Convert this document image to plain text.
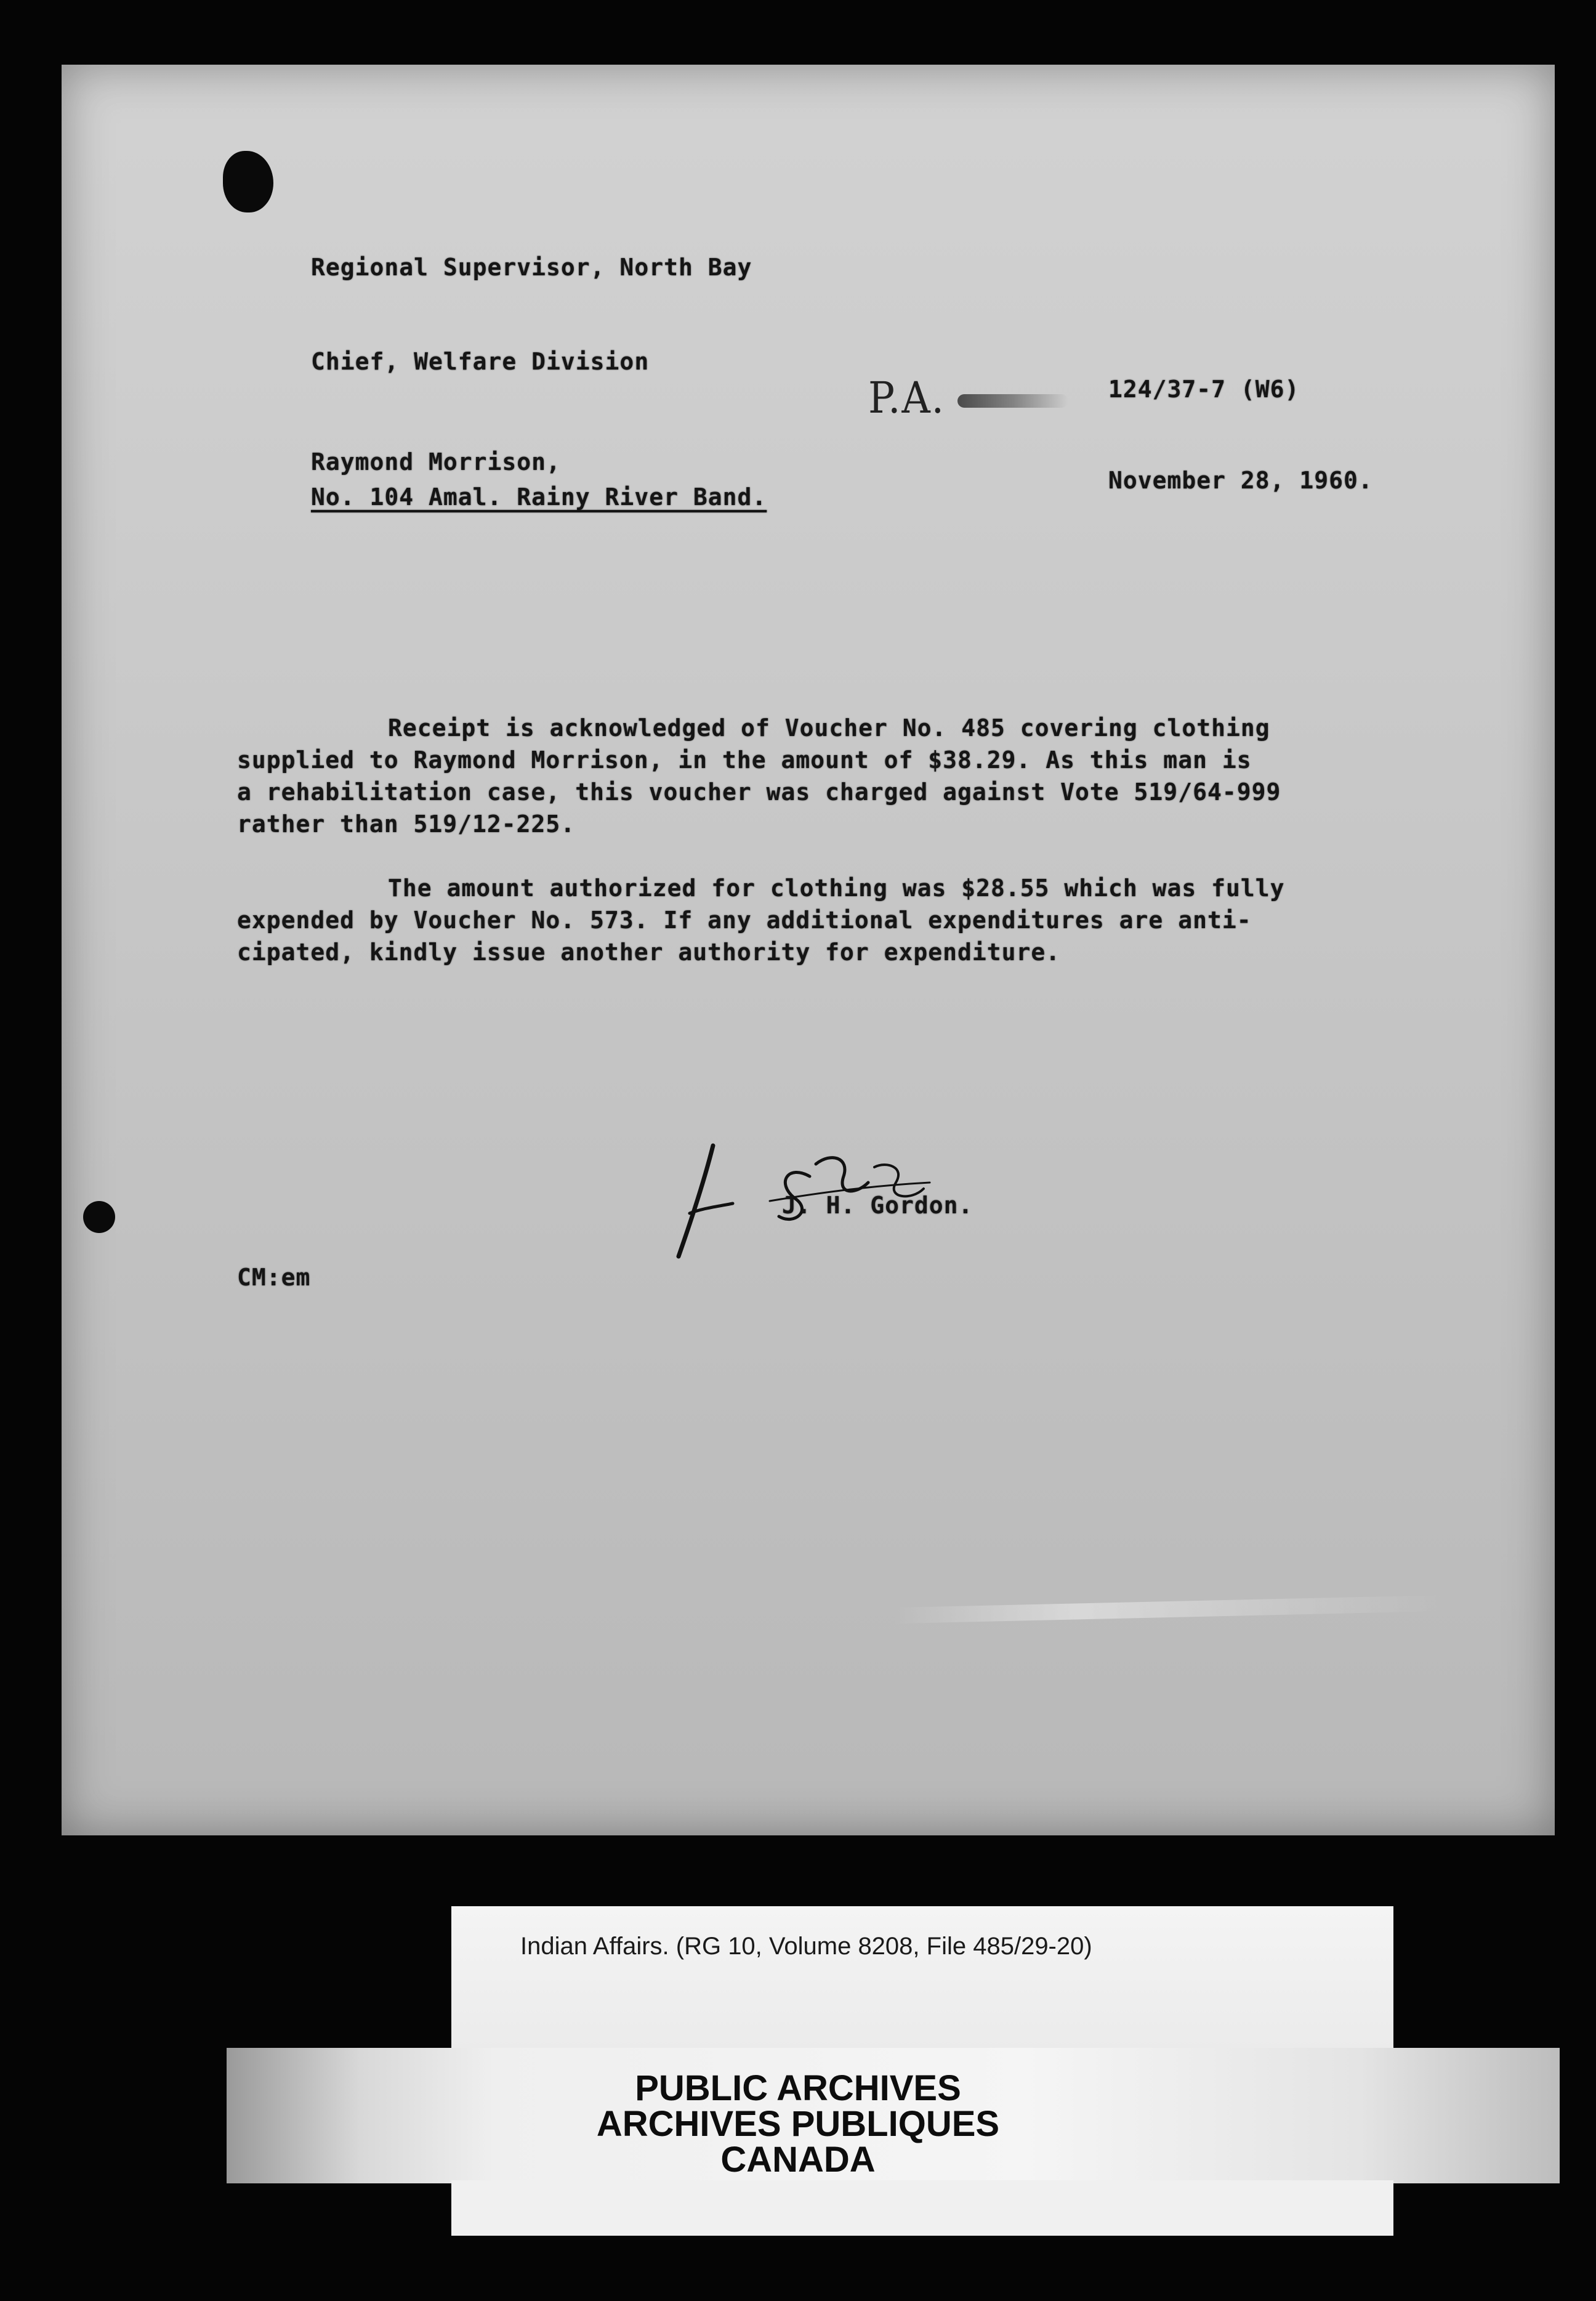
Regional Supervisor, North Bay
Chief, Welfare Division
P.A.	124/37-7 (W6)
Raymond Morrison,
No. 104 Amal. Rainy River Band.
November 28, 1960.
Receipt is acknowledged of Voucher No. 485 covering clothing
supplied to Raymond Morrison, in the amount of $38.29. As this man is
a rehabilitation case, this voucher was charged against Vote 519/64-999
rather than 519/12-225.
The amount authorized for clothing was $28.55 which was fully
expended by Voucher No. 573. If any additional expenditures are anti-
cipated, kindly issue another authority for expenditure.
J. H. Gordon.
CM:em
Indian Affairs. (RG 10, Volume 8208, File 485/29-20)
PUBLIC ARCHIVES
ARCHIVES PUBLIQUES
CANADA
